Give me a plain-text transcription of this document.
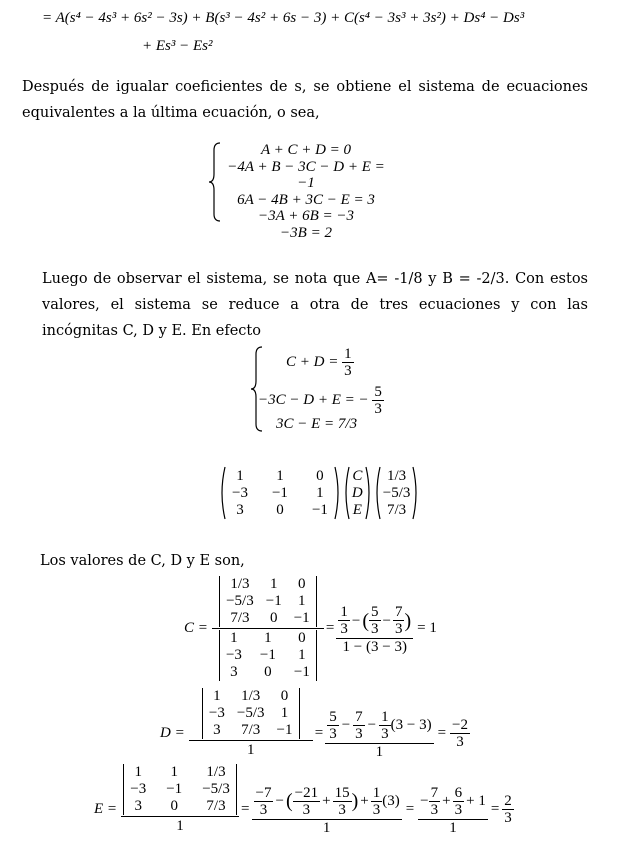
= A(s⁴ − 4s³ + 6s² − 3s) + B(s³ − 4s² + 6s − 3) + C(s⁴ − 3s³ + 3s²) + Ds⁴ − Ds³
+ Es³ − Es²
Después de igualar coeficientes de s, se obtiene el sistema de ecuaciones equivalentes a la última ecuación, o sea,
A + C + D = 0
−4A + B − 3C − D + E = −1
6A − 4B + 3C − E = 3
−3A + 6B = −3
−3B = 2
Luego de observar el sistema, se nota que A= -1/8 y B = -2/3. Con estos valores, el sistema se reduce a otra de tres ecuaciones y con las incógnitas C, D y E. En efecto
$C + D = \frac{1}{3}$
−3C − D + E = − $\frac{5}{3}$
3C − E = 7/3
1	1	0
−3	−1	1
3	0	−1
C
D
E
1/3
−5/3
7/3
Los valores de C, D y E son,
C =
1/3	1	0
−5/3	−1	1
7/3	0	−1
1	1	0
−3	−1	1
3	0	−1
= $\frac{\frac{1}{3} - ( \frac{5}{3} - \frac{7}{3} )}{1 - (3 - 3)} = 1$
D =
1	1/3	0
−3	−5/3	1
3	7/3	−1
1
= $\frac{\frac{5}{3} - \frac{7}{3} - \frac{1}{3} (3 - 3)}{1} = \frac{-2}{3}$
E =
1	1	1/3
−3	−1	−5/3
3	0	7/3
1
= $\frac{-7}{3}$ − ( $\frac{-21}{3} + \frac{15}{3}$ ) + $\frac{1}{3} (3)$
1
= $\frac{- \frac{7}{3} + \frac{6}{3} + 1}{1} = \frac{2}{3}$
